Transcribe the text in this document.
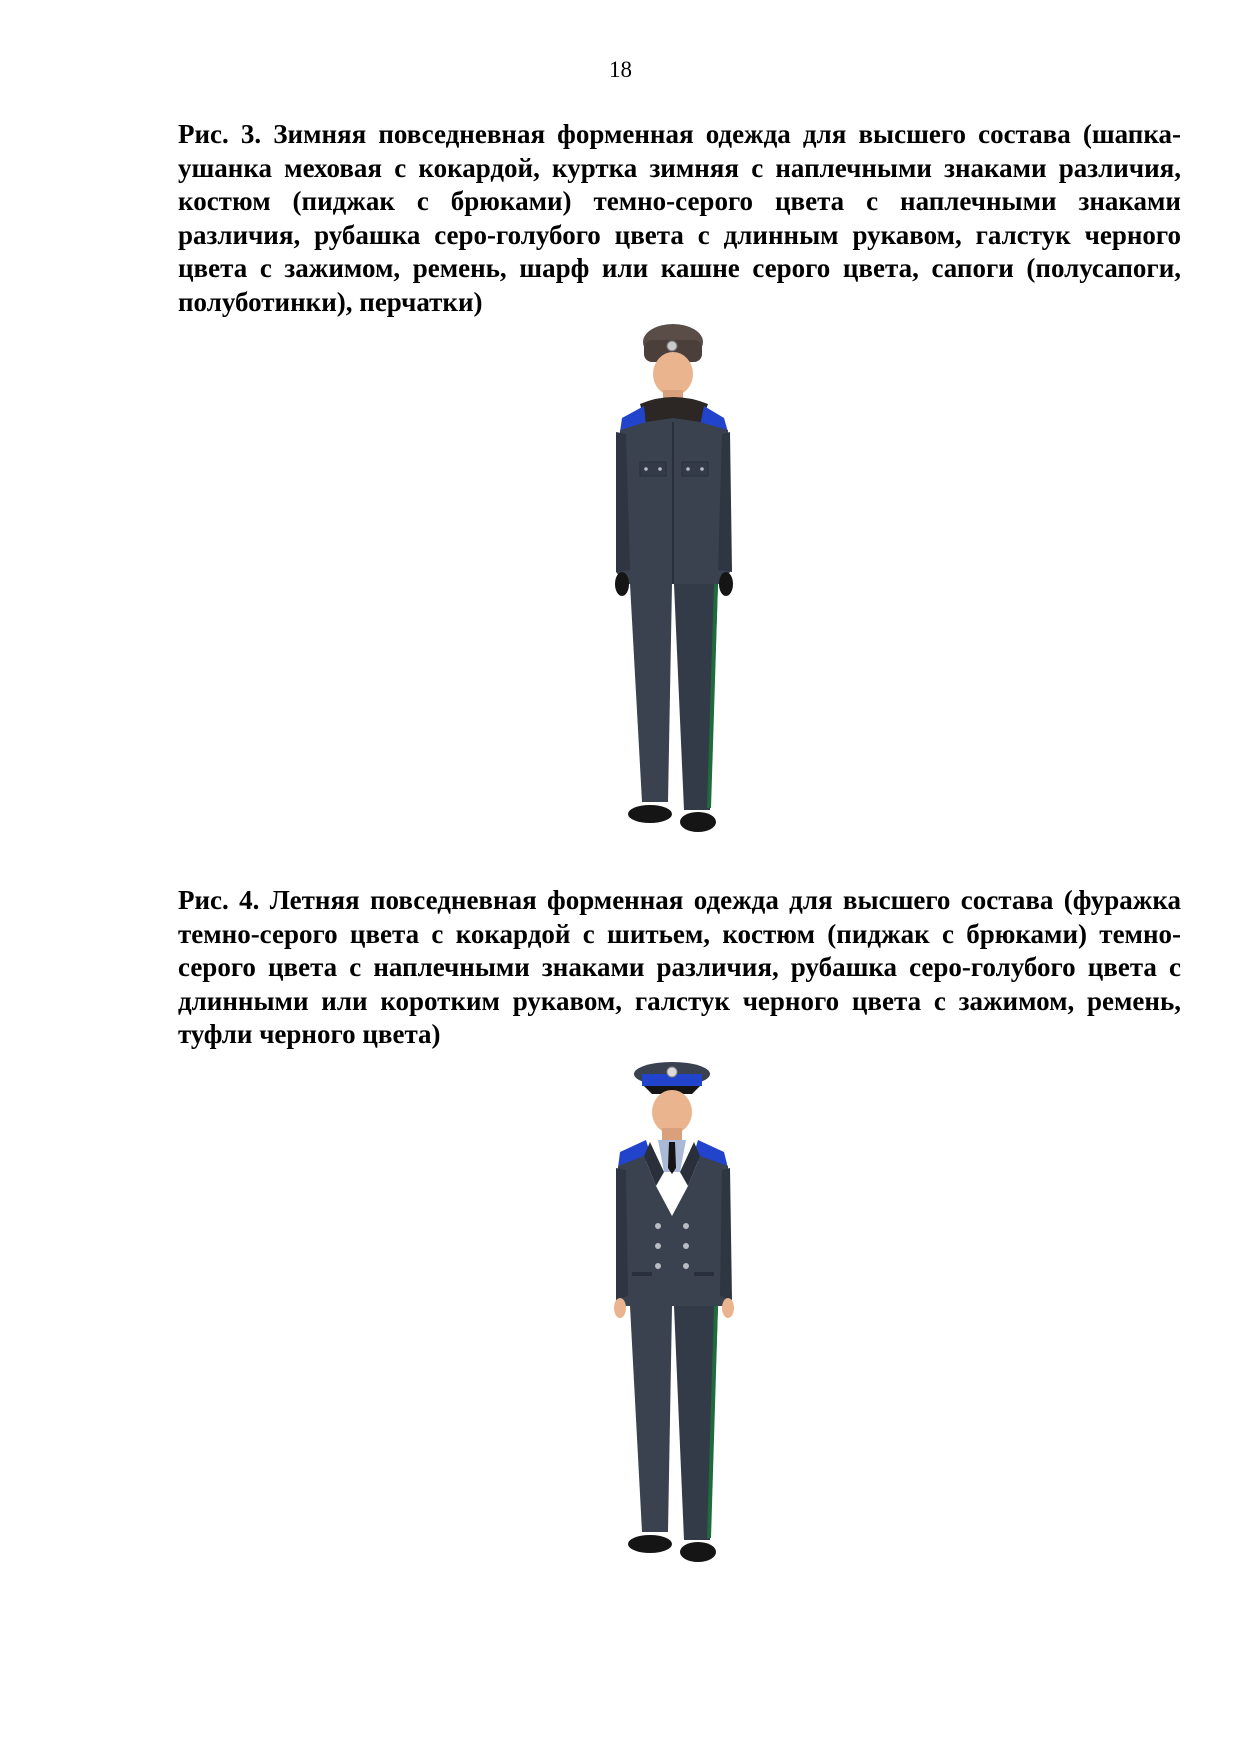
18

Рис. 3. Зимняя повседневная форменная одежда для высшего состава (шапка-ушанка меховая с кокардой, куртка зимняя с наплечными знаками различия, костюм (пиджак с брюками) темно-серого цвета с наплечными знаками различия, рубашка серо-голубого цвета с длинным рукавом, галстук черного цвета с зажимом, ремень, шарф или кашне серого цвета, сапоги (полусапоги, полуботинки), перчатки)

Рис. 4. Летняя повседневная форменная одежда для высшего состава (фуражка темно-серого цвета с кокардой с шитьем, костюм (пиджак с брюками) темно-серого цвета с наплечными знаками различия, рубашка серо-голубого цвета с длинными или коротким рукавом, галстук черного цвета с зажимом, ремень, туфли черного цвета)
